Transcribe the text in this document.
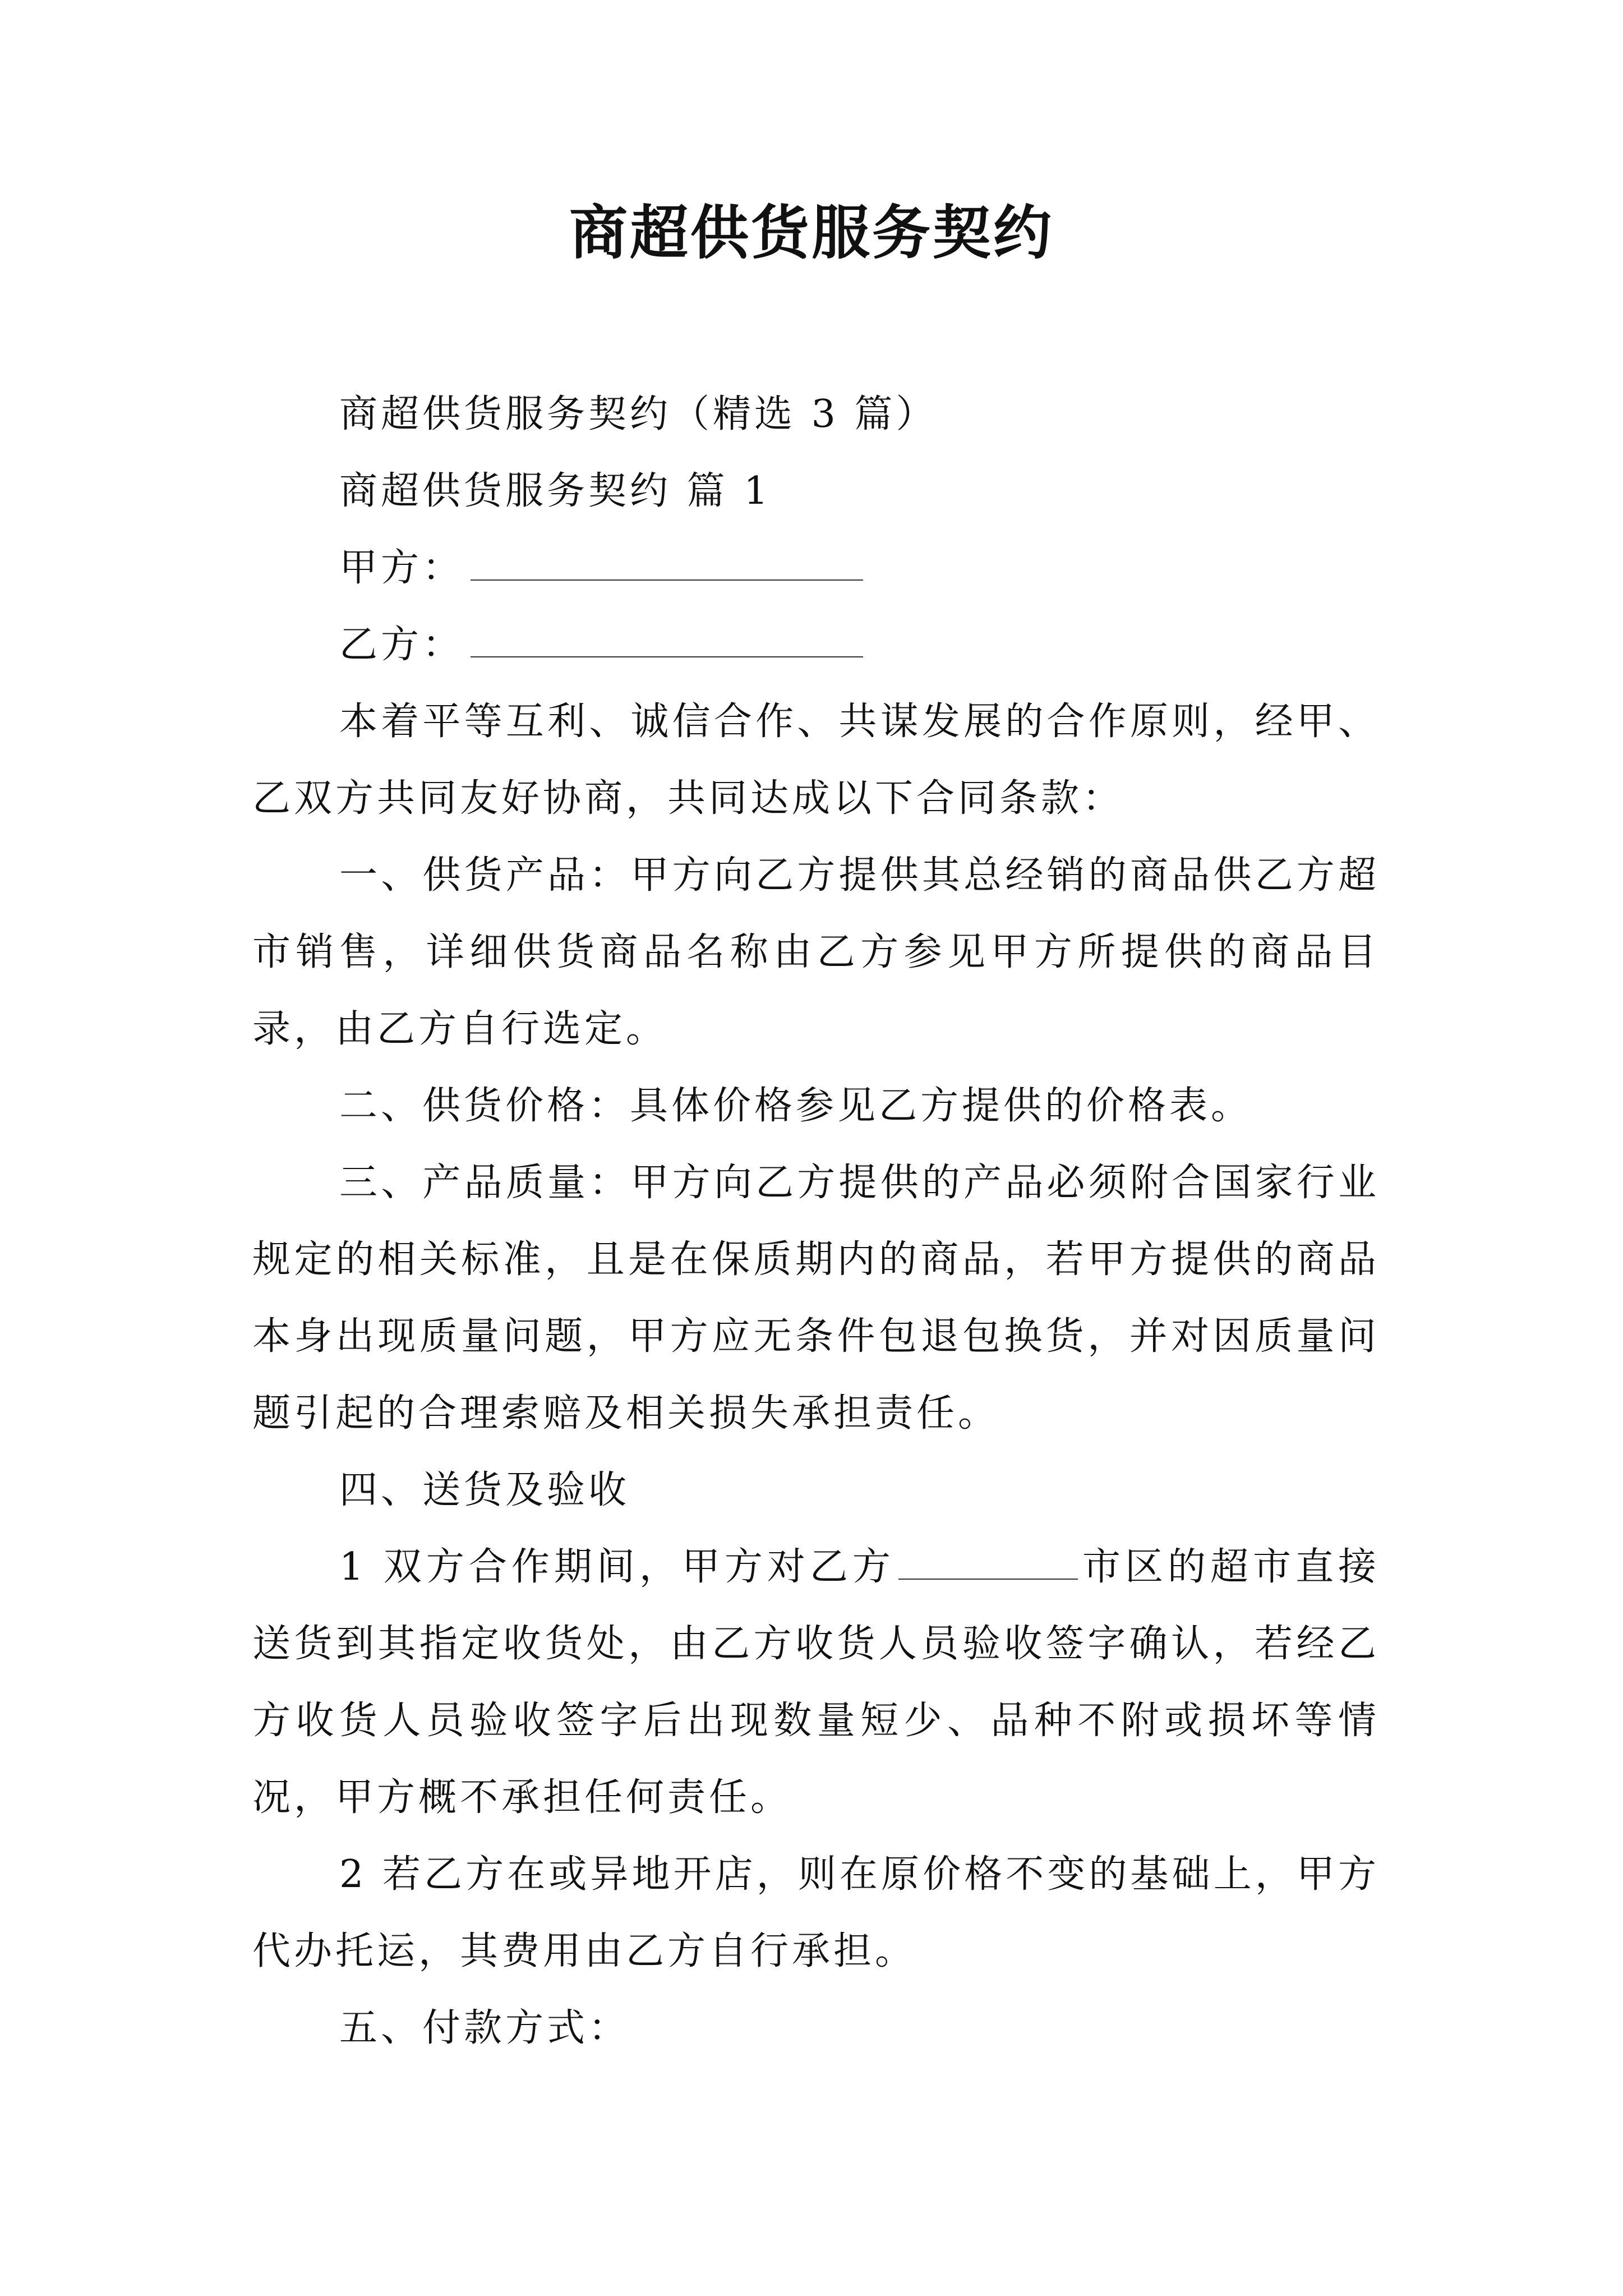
商超供货服务契约

商超供货服务契约（精选 3 篇）

商超供货服务契约 篇 1

甲方：

乙方：

本着平等互利、诚信合作、共谋发展的合作原则，经甲、乙双方共同友好协商，共同达成以下合同条款：

一、供货产品：甲方向乙方提供其总经销的商品供乙方超市销售，详细供货商品名称由乙方参见甲方所提供的商品目录，由乙方自行选定。

二、供货价格：具体价格参见乙方提供的价格表。

三、产品质量：甲方向乙方提供的产品必须附合国家行业规定的相关标准，且是在保质期内的商品，若甲方提供的商品本身出现质量问题，甲方应无条件包退包换货，并对因质量问题引起的合理索赔及相关损失承担责任。

四、送货及验收

1 双方合作期间，甲方对乙方	市区的超市直接送货到其指定收货处，由乙方收货人员验收签字确认，若经乙方收货人员验收签字后出现数量短少、品种不附或损坏等情况，甲方概不承担任何责任。

2 若乙方在或异地开店，则在原价格不变的基础上，甲方代办托运，其费用由乙方自行承担。

五、付款方式：
